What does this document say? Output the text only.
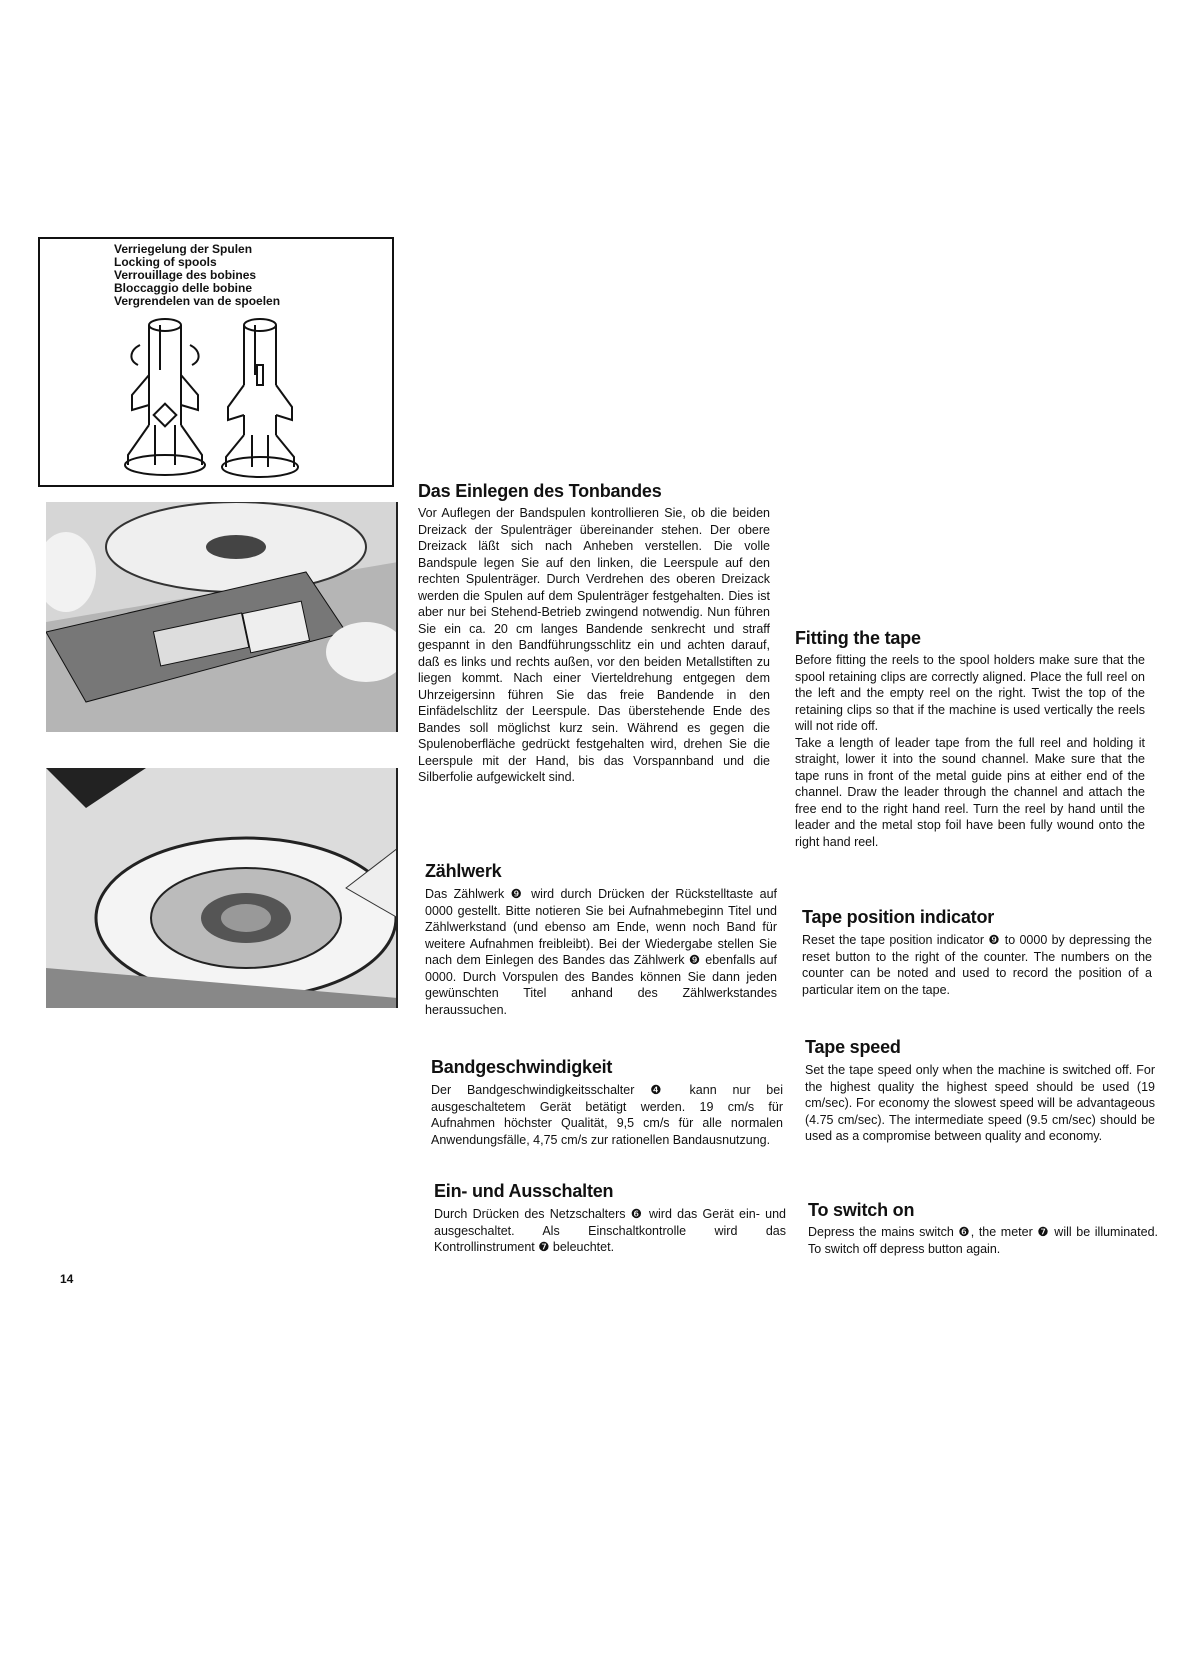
Verriegelung der Spulen
Locking of spools
Verrouillage des bobines
Bloccaggio delle bobine
Vergrendelen van de spoelen
Das Einlegen des Tonbandes

Vor Auflegen der Bandspulen kontrollieren Sie, ob die beiden Dreizack der Spulenträger übereinander stehen. Der obere Dreizack läßt sich nach Anheben verstellen. Die volle Bandspule legen Sie auf den linken, die Leerspule auf den rechten Spulenträger. Durch Verdrehen des oberen Dreizack werden die Spulen auf dem Spulenträger festgehalten. Dies ist aber nur bei Stehend-Betrieb zwingend notwendig. Nun führen Sie ein ca. 20 cm langes Bandende senkrecht und straff gespannt in den Bandführungsschlitz ein und achten darauf, daß es links und rechts außen, vor den beiden Metallstiften zu liegen kommt. Nach einer Vierteldrehung entgegen dem Uhrzeigersinn führen Sie das freie Bandende in den Einfädelschlitz der Leerspule. Das überstehende Ende des Bandes soll möglichst kurz sein. Während es gegen die Spulenoberfläche gedrückt festgehalten wird, drehen Sie die Leerspule mit der Hand, bis das Vorspannband und die Silberfolie aufgewickelt sind.

Zählwerk

Das Zählwerk ❾ wird durch Drücken der Rückstelltaste auf 0000 gestellt. Bitte notieren Sie bei Aufnahmebeginn Titel und Zählwerkstand (und ebenso am Ende, wenn noch Band für weitere Aufnahmen freibleibt). Bei der Wiedergabe stellen Sie nach dem Einlegen des Bandes das Zählwerk ❾ ebenfalls auf 0000. Durch Vorspulen des Bandes können Sie dann jeden gewünschten Titel anhand des Zählwerkstandes heraussuchen.

Bandgeschwindigkeit

Der Bandgeschwindigkeitsschalter ❹ kann nur bei ausgeschaltetem Gerät betätigt werden. 19 cm/s für Aufnahmen höchster Qualität, 9,5 cm/s für alle normalen Anwendungsfälle, 4,75 cm/s zur rationellen Bandausnutzung.

Ein- und Ausschalten

Durch Drücken des Netzschalters ❻ wird das Gerät ein- und ausgeschaltet. Als Einschaltkontrolle wird das Kontrollinstrument ❼ beleuchtet.

Fitting the tape

Before fitting the reels to the spool holders make sure that the spool retaining clips are correctly aligned. Place the full reel on the left and the empty reel on the right. Twist the top of the retaining clips so that if the machine is used vertically the reels will not ride off.

Take a length of leader tape from the full reel and holding it straight, lower it into the sound channel. Make sure that the tape runs in front of the metal guide pins at either end of the channel. Draw the leader through the channel and attach the free end to the right hand reel. Turn the reel by hand until the leader and the metal stop foil have been fully wound onto the right hand reel.

Tape position indicator

Reset the tape position indicator ❾ to 0000 by depressing the reset button to the right of the counter. The numbers on the counter can be noted and used to record the position of a particular item on the tape.

Tape speed

Set the tape speed only when the machine is switched off. For the highest quality the highest speed should be used (19 cm/sec). For economy the slowest speed will be advantageous (4.75 cm/sec). The intermediate speed (9.5 cm/sec) should be used as a compromise between quality and economy.

To switch on

Depress the mains switch ❻, the meter ❼ will be illuminated. To switch off depress button again.

14
